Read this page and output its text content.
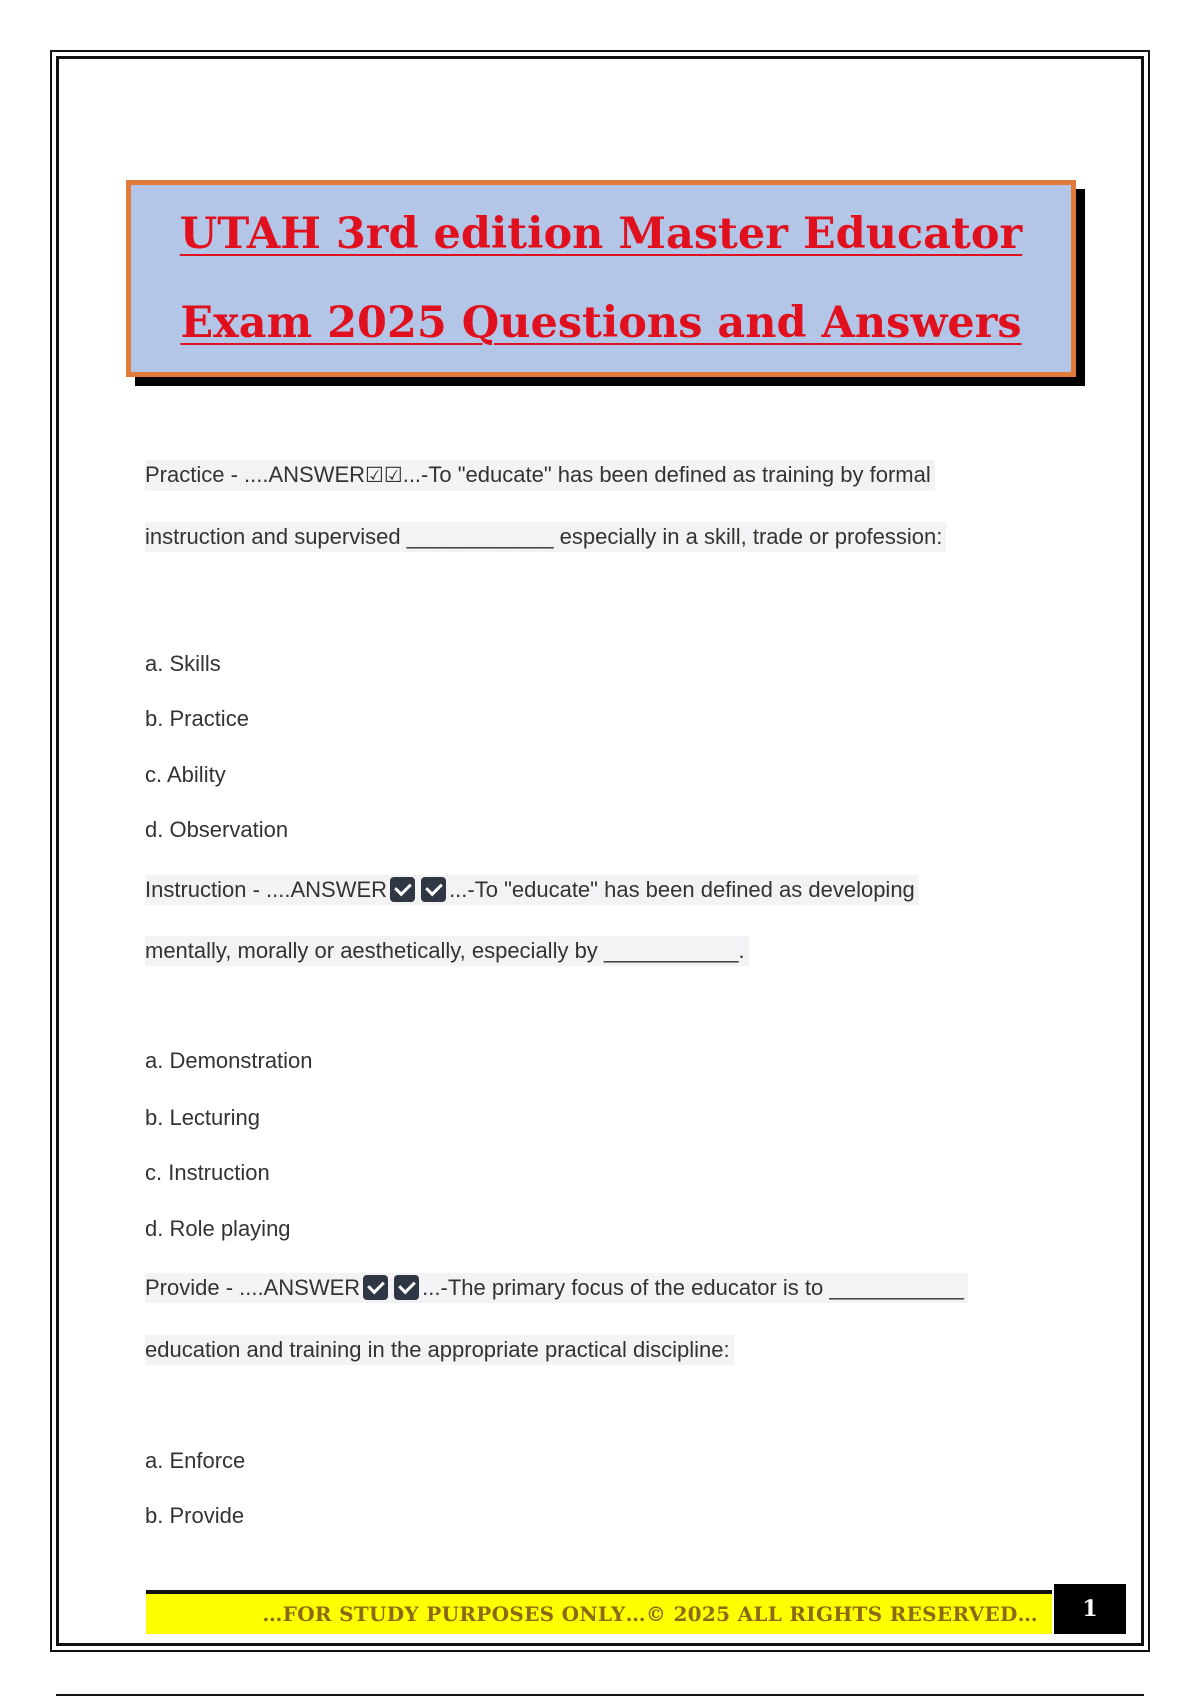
UTAH 3rd edition Master Educator
Exam 2025 Questions and Answers
Practice - ....ANSWER☑☑...-To "educate" has been defined as training by formal
instruction and supervised ____________ especially in a skill, trade or profession:
a. Skills
b. Practice
c. Ability
d. Observation
Instruction - ....ANSWER	...-To "educate" has been defined as developing
mentally, morally or aesthetically, especially by ___________.
a. Demonstration
b. Lecturing
c. Instruction
d. Role playing
Provide - ....ANSWER	...-The primary focus of the educator is to ___________
education and training in the appropriate practical discipline:
a. Enforce
b. Provide
…FOR STUDY PURPOSES ONLY…© 2025 ALL RIGHTS RESERVED… 1
